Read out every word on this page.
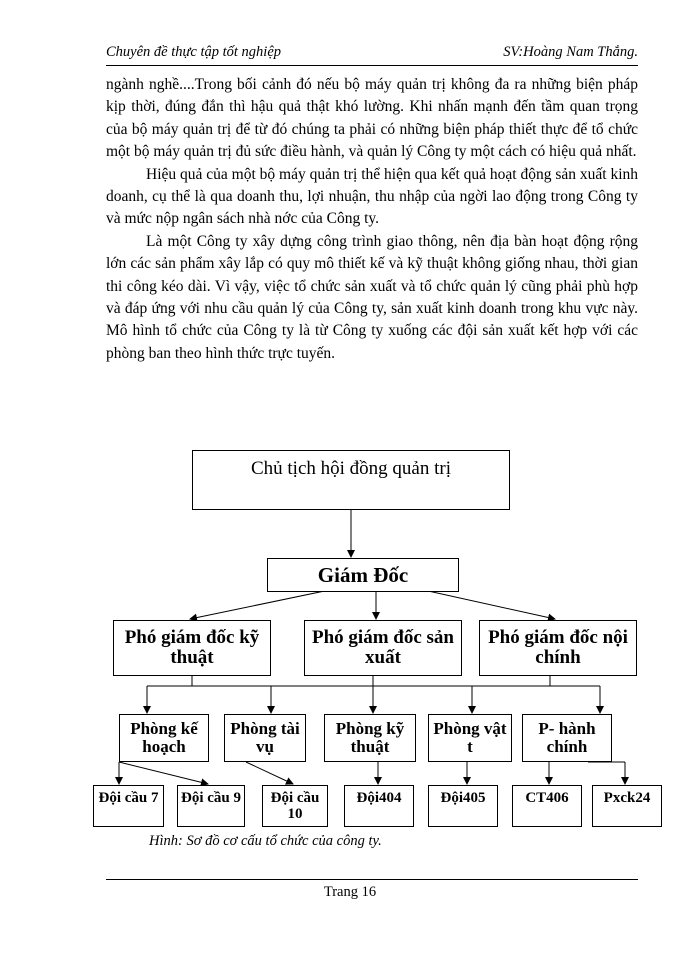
Chuyên đề thực tập tốt nghiệp	SV:Hoàng Nam Thắng.

ngành nghề....Trong bối cảnh đó nếu bộ máy quản trị không đa ra những biện pháp kịp thời, đúng đắn thì hậu quả thật khó lường. Khi nhấn mạnh đến tầm quan trọng của bộ máy quản trị để từ đó chúng ta phải có những biện pháp thiết thực để tổ chức một bộ máy quản trị đủ sức điều hành, và quản lý Công ty một cách có hiệu quả nhất.

Hiệu quả của một bộ máy quản trị thể hiện qua kết quả hoạt động sản xuất kinh doanh, cụ thể là qua doanh thu, lợi nhuận, thu nhập của ngời lao động trong Công ty và mức nộp ngân sách nhà nớc của Công ty.

Là một Công ty xây dựng công trình giao thông, nên địa bàn hoạt động rộng lớn các sản phẩm xây lắp có quy mô thiết kế và kỹ thuật không giống nhau, thời gian thi công kéo dài. Vì vậy, việc tổ chức sản xuất và tổ chức quản lý cũng phải phù hợp và đáp ứng với nhu cầu quản lý của Công ty, sản xuất kinh doanh trong khu vực này. Mô hình tổ chức của Công ty là từ Công ty xuống các đội sản xuất kết hợp với các phòng ban theo hình thức trực tuyến.

Chủ tịch hội đồng quản trị
Giám Đốc
Phó giám đốc kỹ thuật
Phó giám đốc sản xuất
Phó giám đốc nội chính
Phòng kế hoạch
Phòng tài vụ
Phòng kỹ thuật
Phòng vật t
P- hành chính
Đội cầu 7	Đội cầu 9	Đội cầu 10
Đội404	Đội405	CT406	Pxck24
Hình: Sơ đồ cơ cấu tổ chức của công ty.
Trang 16
